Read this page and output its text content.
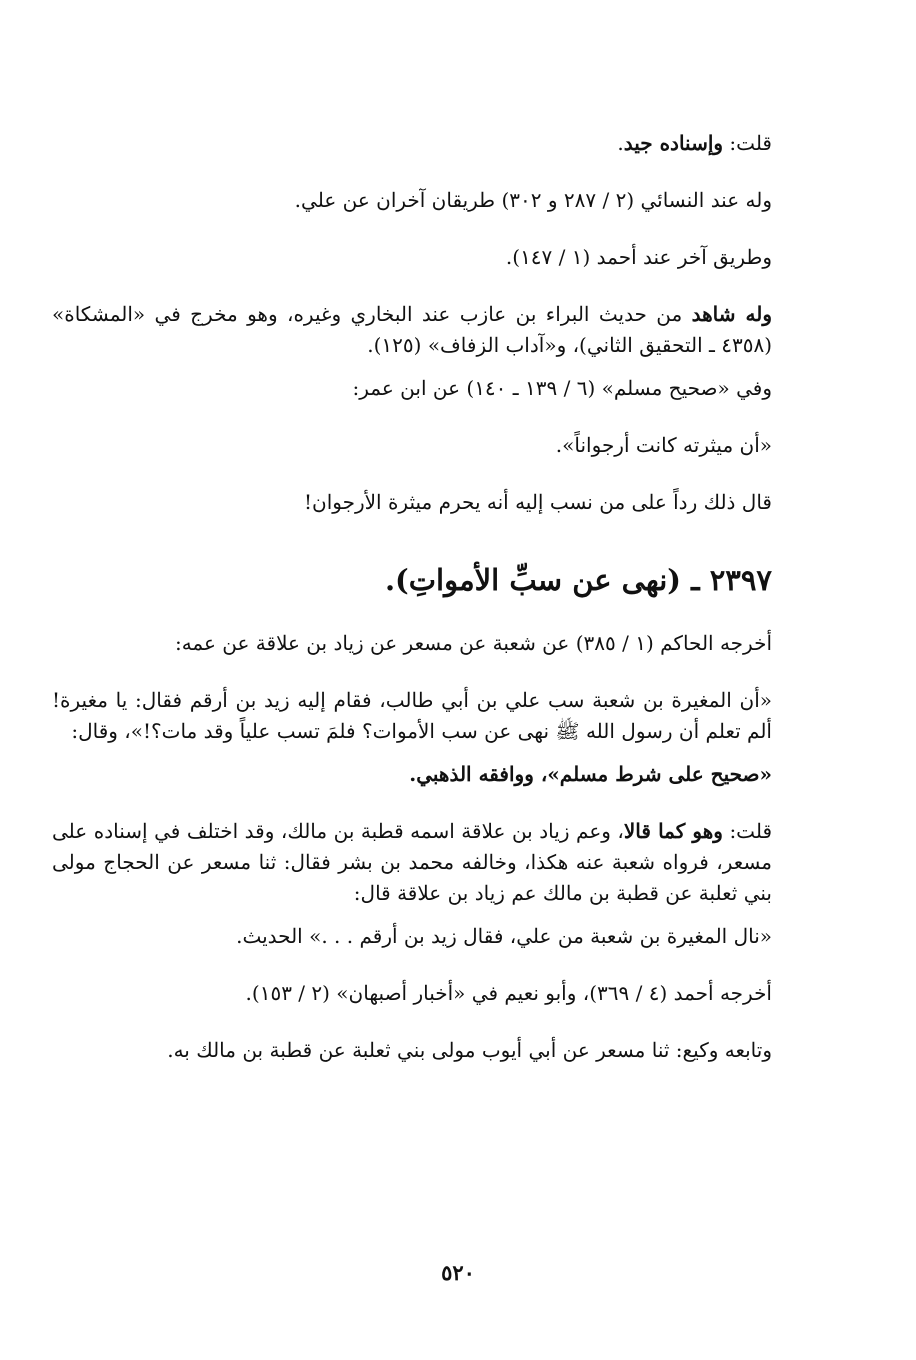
قلت: وإسناده جيد.

وله عند النسائي (٢ / ٢٨٧ و ٣٠٢) طريقان آخران عن علي.

وطريق آخر عند أحمد (١ / ١٤٧).

وله شاهد من حديث البراء بن عازب عند البخاري وغيره، وهو مخرج في «المشكاة» (٤٣٥٨ ـ التحقيق الثاني)، و«آداب الزفاف» (١٢٥).

وفي «صحيح مسلم» (٦ / ١٣٩ ـ ١٤٠) عن ابن عمر:

«أن ميثرته كانت أرجواناً».

قال ذلك رداً على من نسب إليه أنه يحرم ميثرة الأرجوان!

٢٣٩٧ ـ (نهى عن سبِّ الأمواتِ).

أخرجه الحاكم (١ / ٣٨٥) عن شعبة عن مسعر عن زياد بن علاقة عن عمه:

«أن المغيرة بن شعبة سب علي بن أبي طالب، فقام إليه زيد بن أرقم فقال: يا مغيرة! ألم تعلم أن رسول الله ﷺ نهى عن سب الأموات؟ فلمَ تسب علياً وقد مات؟!»، وقال:

«صحيح على شرط مسلم»، ووافقه الذهبي.

قلت: وهو كما قالا، وعم زياد بن علاقة اسمه قطبة بن مالك، وقد اختلف في إسناده على مسعر، فرواه شعبة عنه هكذا، وخالفه محمد بن بشر فقال: ثنا مسعر عن الحجاج مولى بني ثعلبة عن قطبة بن مالك عم زياد بن علاقة قال:

«نال المغيرة بن شعبة من علي، فقال زيد بن أرقم . . .» الحديث.

أخرجه أحمد (٤ / ٣٦٩)، وأبو نعيم في «أخبار أصبهان» (٢ / ١٥٣).

وتابعه وكيع: ثنا مسعر عن أبي أيوب مولى بني ثعلبة عن قطبة بن مالك به.

٥٢٠
